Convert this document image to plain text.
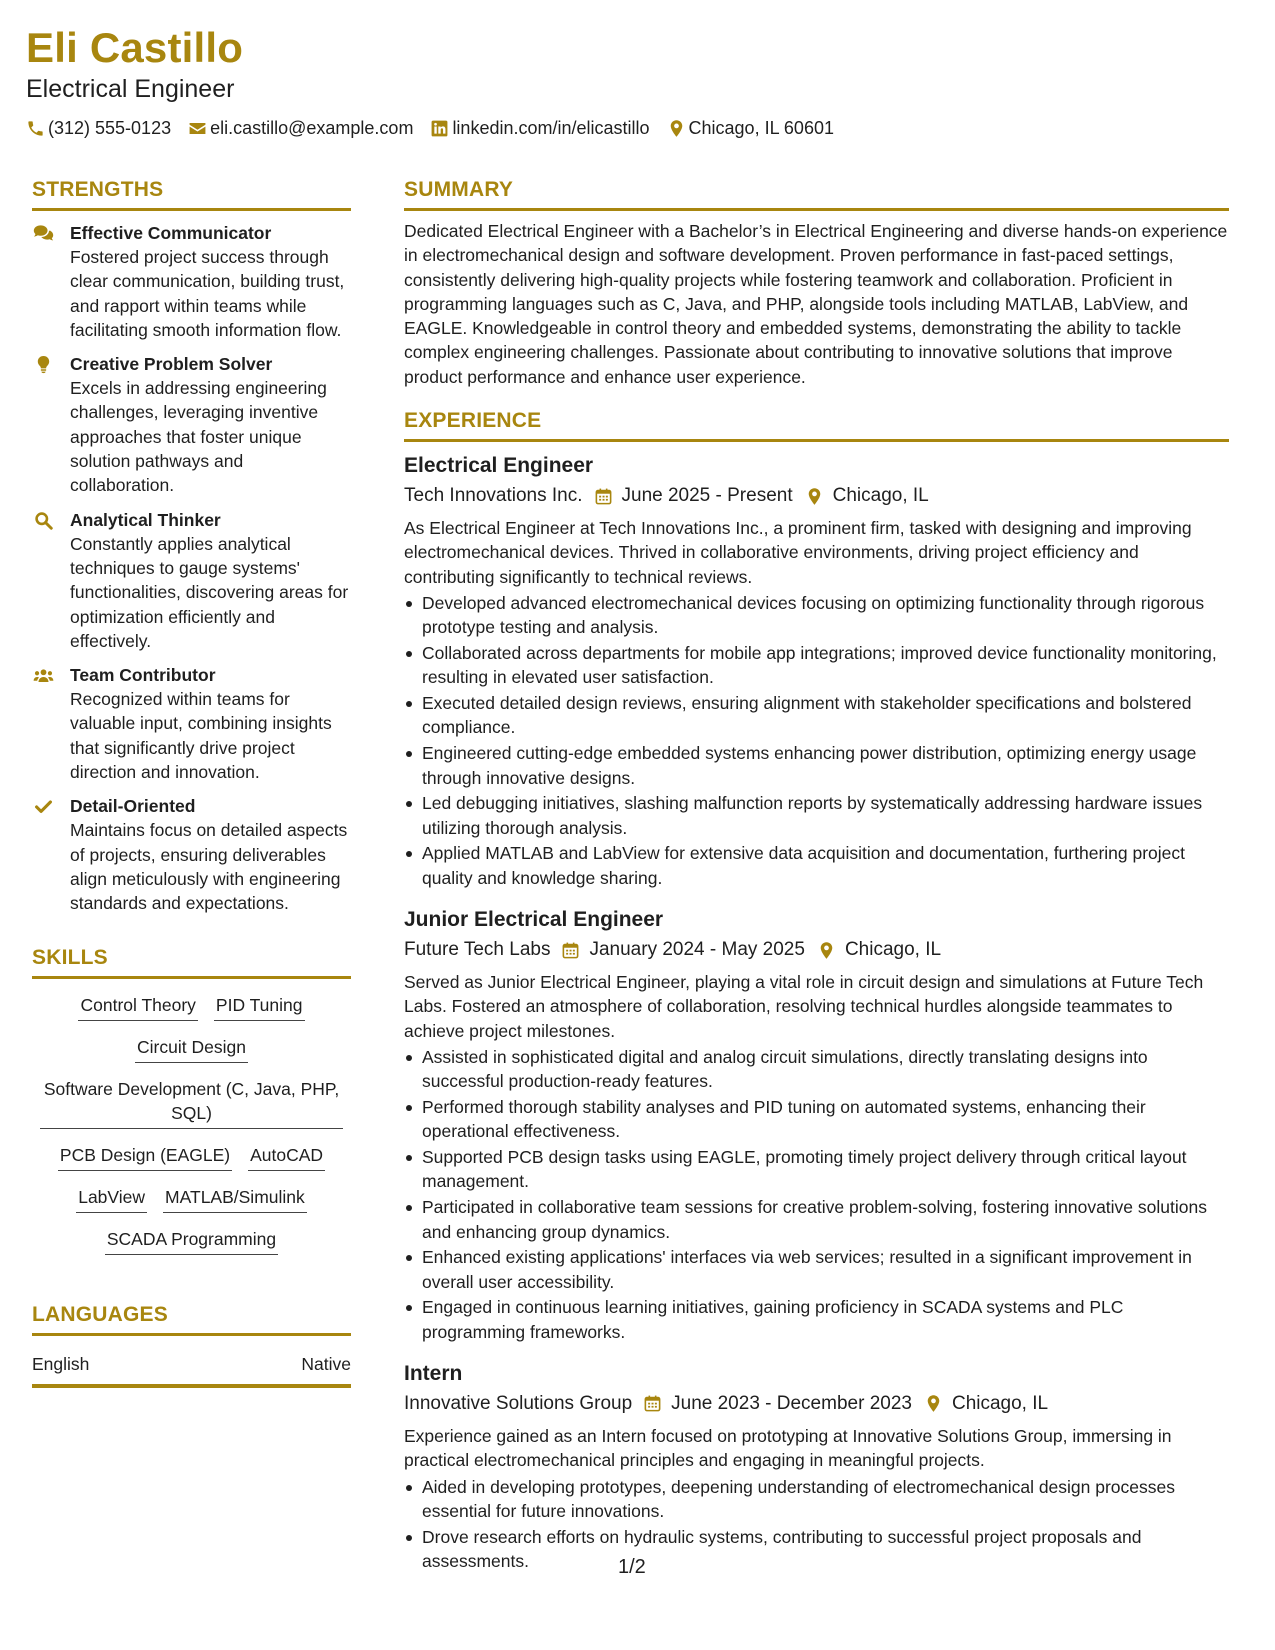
Eli Castillo
Electrical Engineer
(312) 555-0123 eli.castillo@example.com linkedin.com/in/elicastillo Chicago, IL 60601
STRENGTHS
Effective Communicator
Fostered project success through clear communication, building trust, and rapport within teams while facilitating smooth information flow.
Creative Problem Solver
Excels in addressing engineering challenges, leveraging inventive approaches that foster unique solution pathways and collaboration.
Analytical Thinker
Constantly applies analytical techniques to gauge systems' functionalities, discovering areas for optimization efficiently and effectively.
Team Contributor
Recognized within teams for valuable input, combining insights that significantly drive project direction and innovation.
Detail-Oriented
Maintains focus on detailed aspects of projects, ensuring deliverables align meticulously with engineering standards and expectations.
SKILLS
Control Theory PID Tuning
Circuit Design
Software Development (C, Java, PHP, SQL)
PCB Design (EAGLE) AutoCAD
LabView MATLAB/Simulink
SCADA Programming
LANGUAGES
English	Native
SUMMARY
Dedicated Electrical Engineer with a Bachelor’s in Electrical Engineering and diverse hands-on experience in electromechanical design and software development. Proven performance in fast-paced settings, consistently delivering high-quality projects while fostering teamwork and collaboration. Proficient in programming languages such as C, Java, and PHP, alongside tools including MATLAB, LabView, and EAGLE. Knowledgeable in control theory and embedded systems, demonstrating the ability to tackle complex engineering challenges. Passionate about contributing to innovative solutions that improve product performance and enhance user experience.
EXPERIENCE
Electrical Engineer
Tech Innovations Inc. June 2025 - Present Chicago, IL
As Electrical Engineer at Tech Innovations Inc., a prominent firm, tasked with designing and improving electromechanical devices. Thrived in collaborative environments, driving project efficiency and contributing significantly to technical reviews.
Developed advanced electromechanical devices focusing on optimizing functionality through rigorous prototype testing and analysis.
Collaborated across departments for mobile app integrations; improved device functionality monitoring, resulting in elevated user satisfaction.
Executed detailed design reviews, ensuring alignment with stakeholder specifications and bolstered compliance.
Engineered cutting-edge embedded systems enhancing power distribution, optimizing energy usage through innovative designs.
Led debugging initiatives, slashing malfunction reports by systematically addressing hardware issues utilizing thorough analysis.
Applied MATLAB and LabView for extensive data acquisition and documentation, furthering project quality and knowledge sharing.
Junior Electrical Engineer
Future Tech Labs January 2024 - May 2025 Chicago, IL
Served as Junior Electrical Engineer, playing a vital role in circuit design and simulations at Future Tech Labs. Fostered an atmosphere of collaboration, resolving technical hurdles alongside teammates to achieve project milestones.
Assisted in sophisticated digital and analog circuit simulations, directly translating designs into successful production-ready features.
Performed thorough stability analyses and PID tuning on automated systems, enhancing their operational effectiveness.
Supported PCB design tasks using EAGLE, promoting timely project delivery through critical layout management.
Participated in collaborative team sessions for creative problem-solving, fostering innovative solutions and enhancing group dynamics.
Enhanced existing applications' interfaces via web services; resulted in a significant improvement in overall user accessibility.
Engaged in continuous learning initiatives, gaining proficiency in SCADA systems and PLC programming frameworks.
Intern
Innovative Solutions Group June 2023 - December 2023 Chicago, IL
Experience gained as an Intern focused on prototyping at Innovative Solutions Group, immersing in practical electromechanical principles and engaging in meaningful projects.
Aided in developing prototypes, deepening understanding of electromechanical design processes essential for future innovations.
Drove research efforts on hydraulic systems, contributing to successful project proposals and assessments.	1/2
